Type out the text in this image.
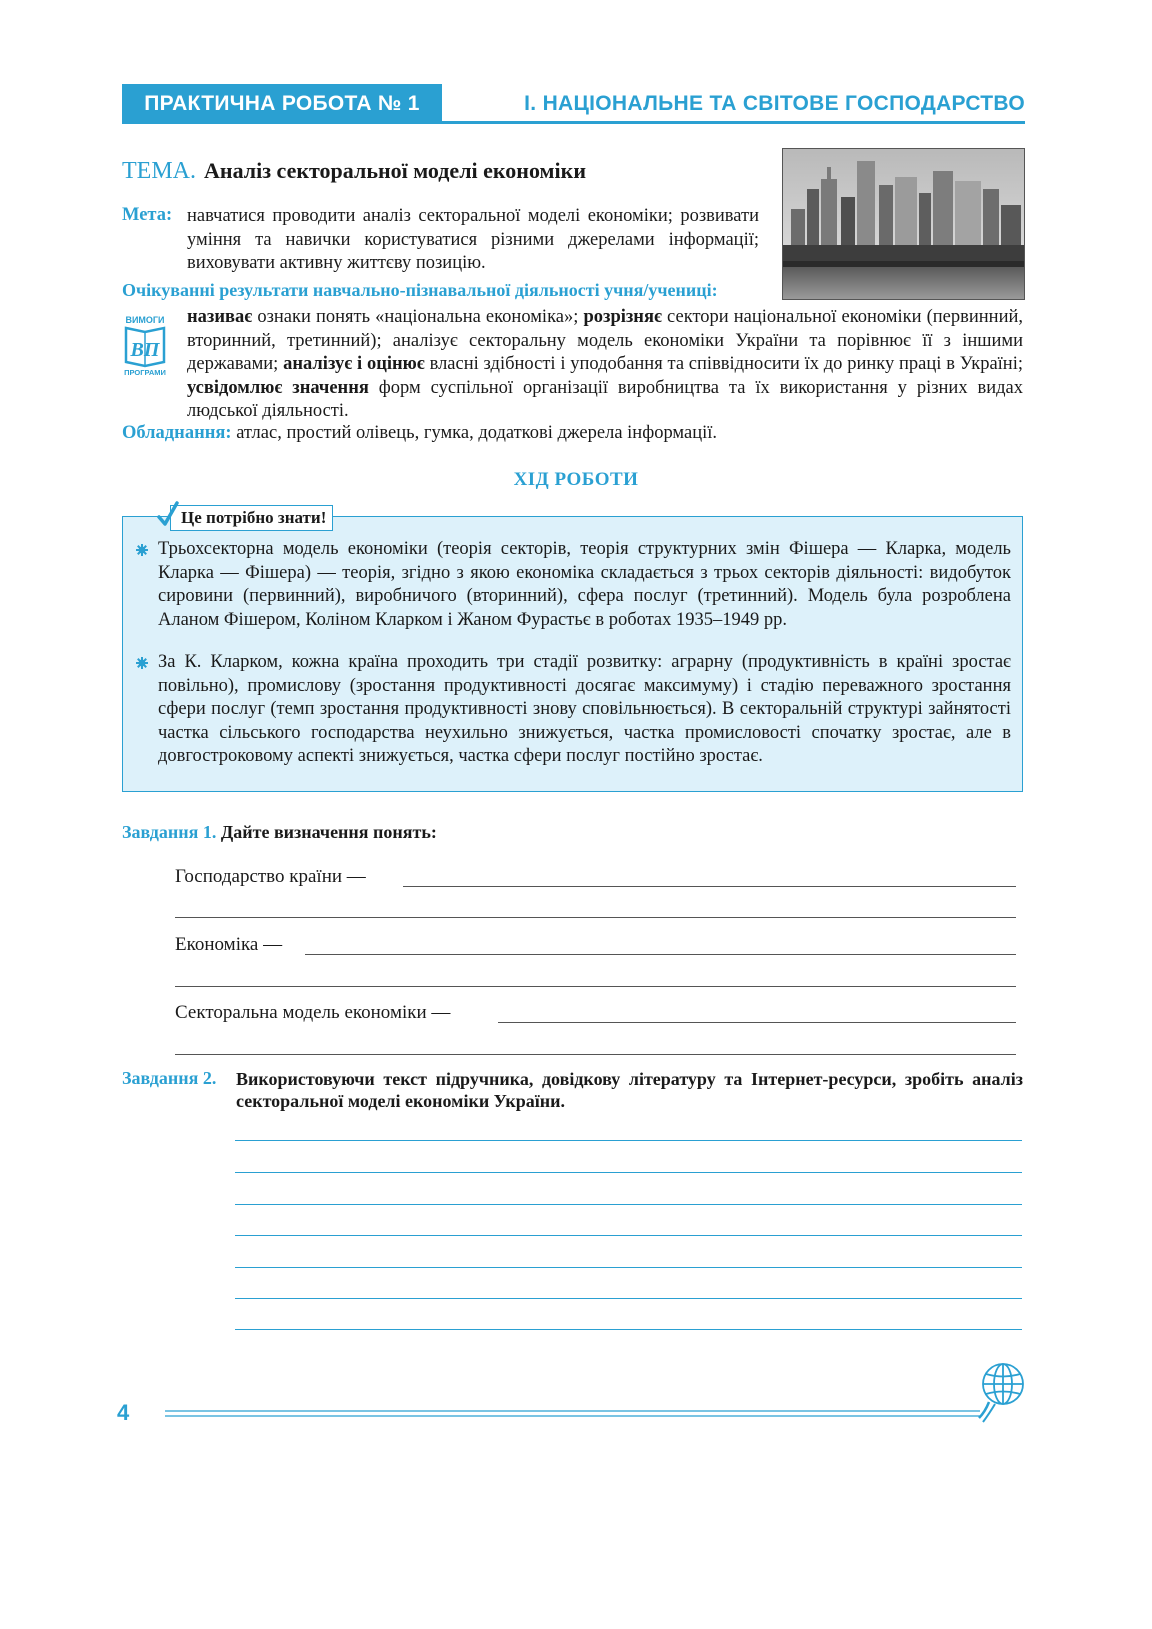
ПРАКТИЧНА РОБОТА № 1	І. НАЦІОНАЛЬНЕ ТА СВІТОВЕ ГОСПОДАРСТВО
ТЕМА. Аналіз секторальної моделі економіки
Мета: навчатися проводити аналіз секторальної моделі економіки; розвивати уміння та навички користуватися різними джерелами інформації; виховувати активну життєву позицію.
Очікуванні результати навчально-пізнавальної діяльності учня/учениці:
ВИМОГИ
ВП
ПРОГРАМИ
називає ознаки понять «національна економіка»; розрізняє сектори національної економіки (первинний, вторинний, третинний); аналізує секторальну модель економіки України та порівнює її з іншими державами; аналізує і оцінює власні здібності і уподобання та співвідносити їх до ринку праці в Україні; усвідомлює значення форм суспільної організації виробництва та їх використання у різних видах людської діяльності.
Обладнання: атлас, простий олівець, гумка, додаткові джерела інформації.
ХІД РОБОТИ
Це потрібно знати!
Трьохсекторна модель економіки (теорія секторів, теорія структурних змін Фішера — Кларка, модель Кларка — Фішера) — теорія, згідно з якою економіка складається з трьох секторів діяльності: видобуток сировини (первинний), виробничого (вторинний), сфера послуг (третинний). Модель була розроблена Аланом Фішером, Коліном Кларком і Жаном Фурастьє в роботах 1935–1949 рр.
За К. Кларком, кожна країна проходить три стадії розвитку: аграрну (продуктивність в країні зростає повільно), промислову (зростання продуктивності досягає максимуму) і стадію переважного зростання сфери послуг (темп зростання продуктивності знову сповільнюється). В секторальній структурі зайнятості частка сільського господарства неухильно знижується, частка промисловості спочатку зростає, але в довгостроковому аспекті знижується, частка сфери послуг постійно зростає.
Завдання 1. Дайте визначення понять:
Господарство країни —
Економіка —
Секторальна модель економіки —
Завдання 2. Використовуючи текст підручника, довідкову літературу та Інтернет-ресурси, зробіть аналіз секторальної моделі економіки України.
4
